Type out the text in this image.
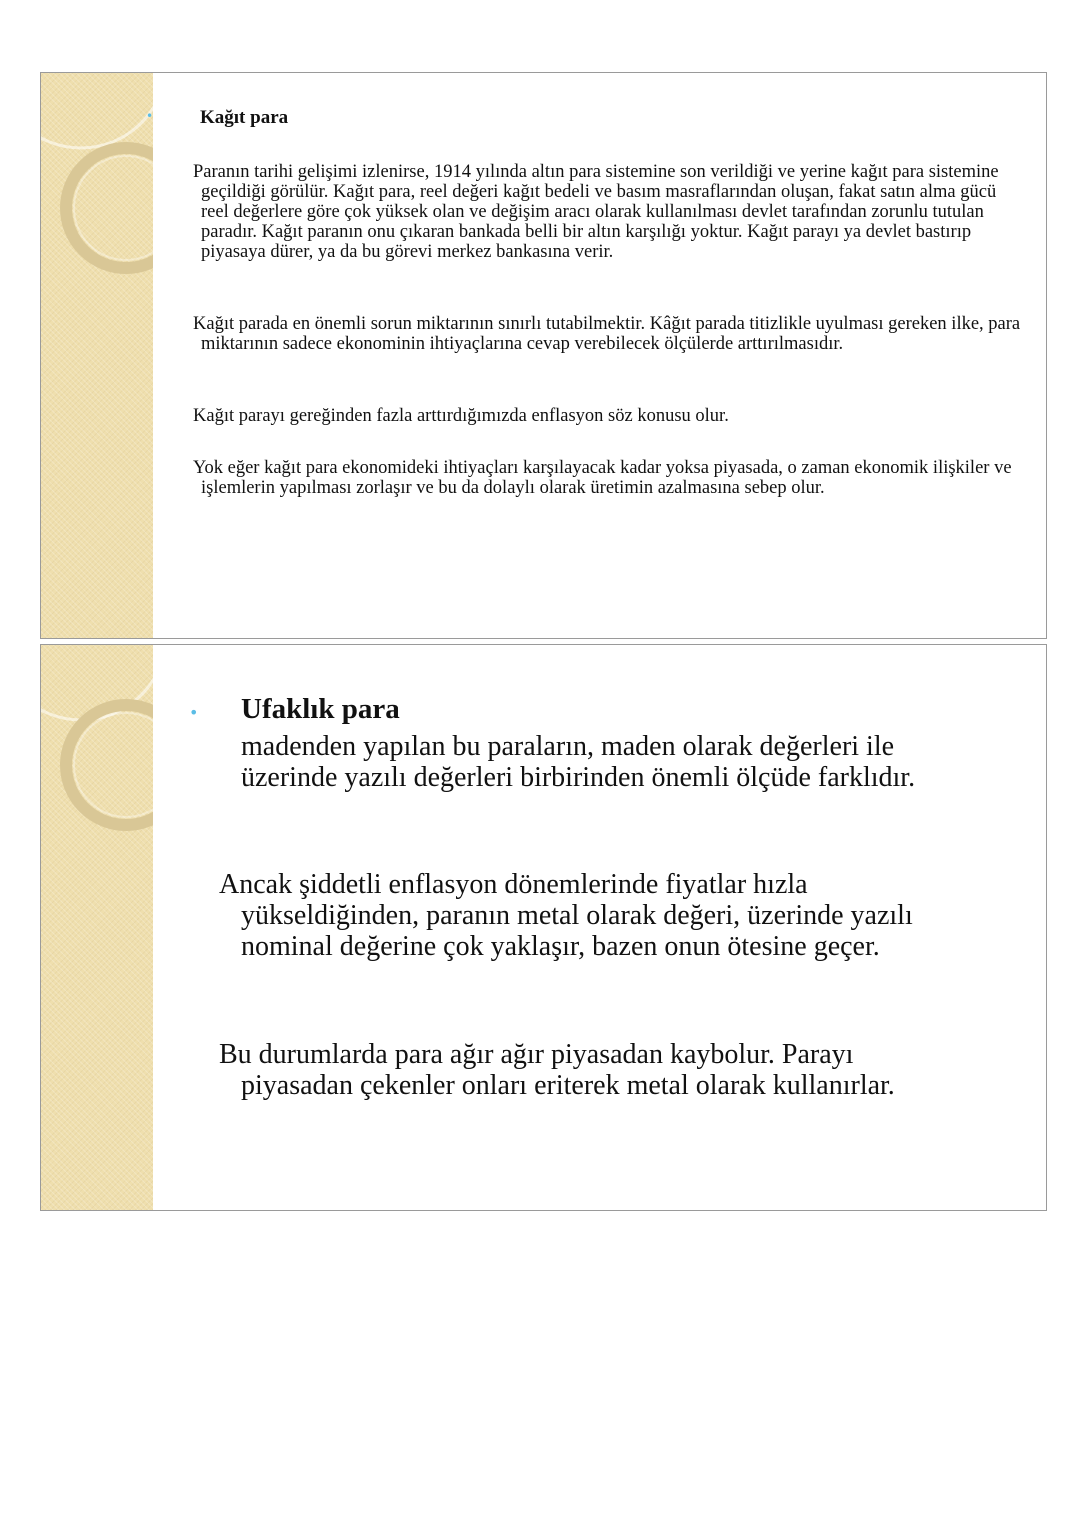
• Kağıt para

Paranın tarihi gelişimi izlenirse, 1914 yılında altın para sistemine son verildiği ve yerine kağıt para sistemine geçildiği görülür. Kağıt para, reel değeri kağıt bedeli ve basım masraflarından oluşan, fakat satın alma gücü reel değerlere göre çok yüksek olan ve değişim aracı olarak kullanılması devlet tarafından zorunlu tutulan paradır. Kağıt paranın onu çıkaran bankada belli bir altın karşılığı yoktur. Kağıt parayı ya devlet bastırıp piyasaya dürer, ya da bu görevi merkez bankasına verir.

Kağıt parada en önemli sorun miktarının sınırlı tutabilmektir. Kâğıt parada titizlikle uyulması gereken ilke, para miktarının sadece ekonominin ihtiyaçlarına cevap verebilecek ölçülerde arttırılmasıdır.

Kağıt parayı gereğinden fazla arttırdığımızda enflasyon söz konusu olur.

Yok eğer kağıt para ekonomideki ihtiyaçları karşılayacak kadar yoksa piyasada, o zaman ekonomik ilişkiler ve işlemlerin yapılması zorlaşır ve bu da dolaylı olarak üretimin azalmasına sebep olur.

• Ufaklık para

madenden yapılan bu paraların, maden olarak değerleri ile üzerinde yazılı değerleri birbirinden önemli ölçüde farklıdır.

Ancak şiddetli enflasyon dönemlerinde fiyatlar hızla yükseldiğinden, paranın metal olarak değeri, üzerinde yazılı nominal değerine çok yaklaşır, bazen onun ötesine geçer.

Bu durumlarda para ağır ağır piyasadan kaybolur. Parayı piyasadan çekenler onları eriterek metal olarak kullanırlar.
